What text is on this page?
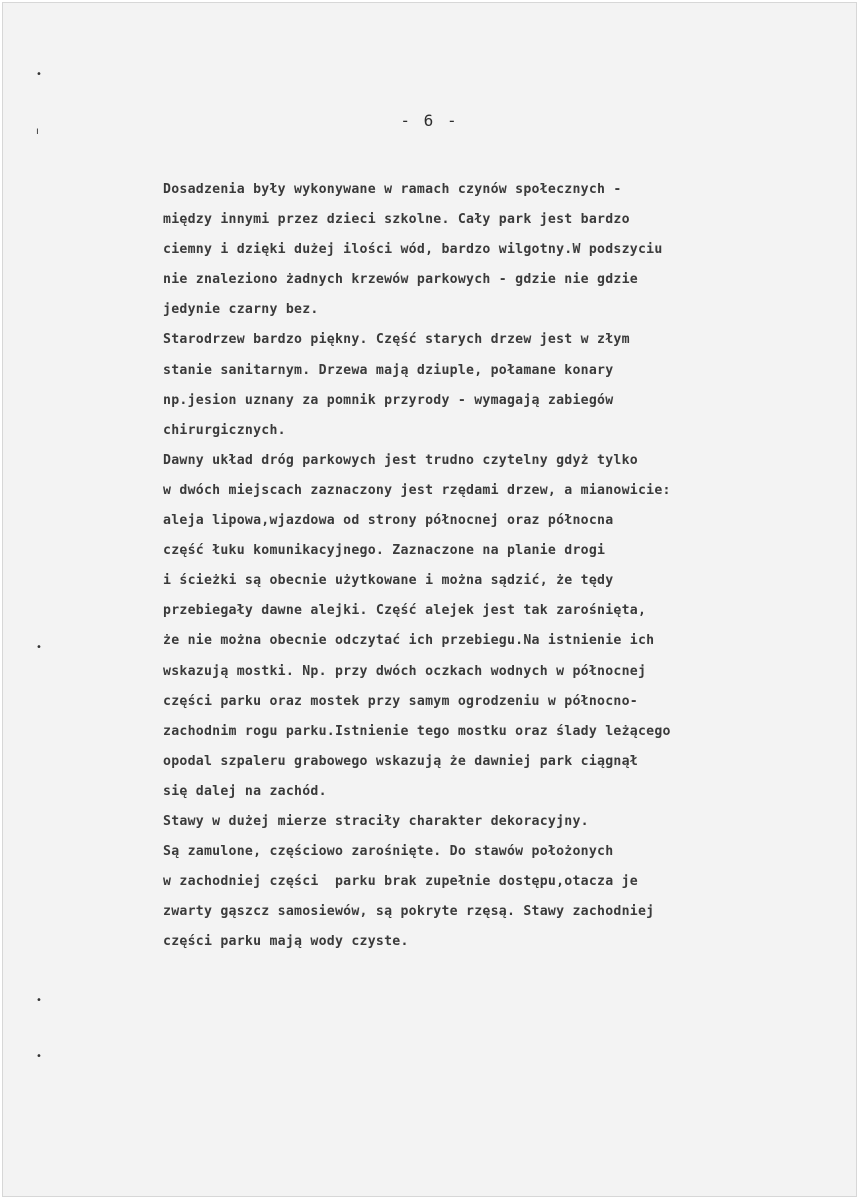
- 6 -
•
ı
•
•
•
Dosadzenia były wykonywane w ramach czynów społecznych -
między innymi przez dzieci szkolne. Cały park jest bardzo
ciemny i dzięki dużej ilości wód, bardzo wilgotny.W podszyciu
nie znaleziono żadnych krzewów parkowych - gdzie nie gdzie
jedynie czarny bez.
Starodrzew bardzo piękny. Część starych drzew jest w złym
stanie sanitarnym. Drzewa mają dziuple, połamane konary
np.jesion uznany za pomnik przyrody - wymagają zabiegów
chirurgicznych.
Dawny układ dróg parkowych jest trudno czytelny gdyż tylko
w dwóch miejscach zaznaczony jest rzędami drzew, a mianowicie:
aleja lipowa,wjazdowa od strony północnej oraz północna
część łuku komunikacyjnego. Zaznaczone na planie drogi
i ścieżki są obecnie użytkowane i można sądzić, że tędy
przebiegały dawne alejki. Część alejek jest tak zarośnięta,
że nie można obecnie odczytać ich przebiegu.Na istnienie ich
wskazują mostki. Np. przy dwóch oczkach wodnych w północnej
części parku oraz mostek przy samym ogrodzeniu w północno-
zachodnim rogu parku.Istnienie tego mostku oraz ślady leżącego
opodal szpaleru grabowego wskazują że dawniej park ciągnął
się dalej na zachód.
Stawy w dużej mierze straciły charakter dekoracyjny.
Są zamulone, częściowo zarośnięte. Do stawów położonych
w zachodniej części  parku brak zupełnie dostępu,otacza je
zwarty gąszcz samosiewów, są pokryte rzęsą. Stawy zachodniej
części parku mają wody czyste.
